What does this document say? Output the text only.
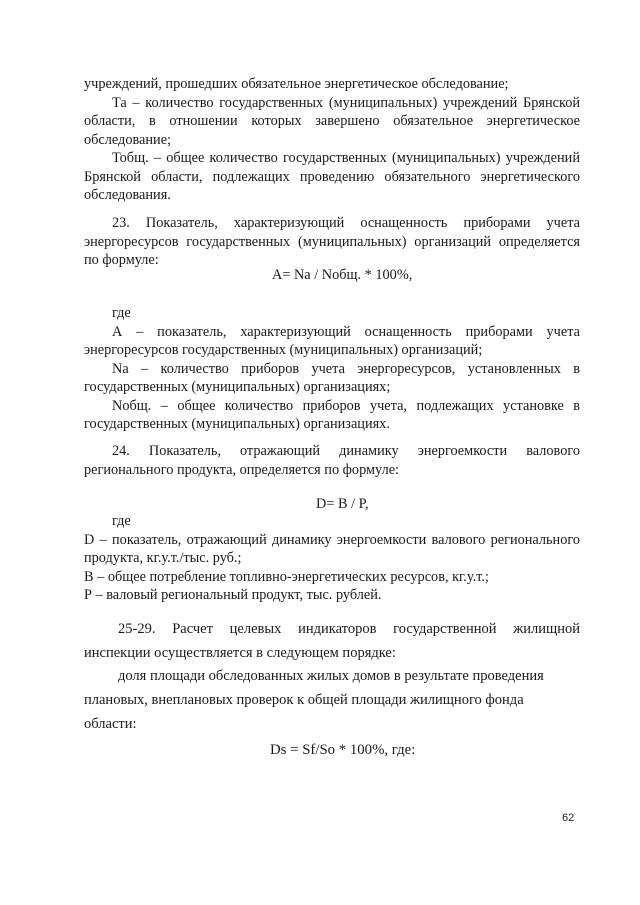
учреждений, прошедших обязательное энергетическое обследование;

Та – количество государственных (муниципальных) учреждений Брянской области, в отношении которых завершено обязательное энергетическое обследование;

Тобщ. – общее количество государственных (муниципальных) учреждений Брянской области, подлежащих проведению обязательного энергетического обследования.

23. Показатель, характеризующий оснащенность приборами учета энергоресурсов государственных (муниципальных) организаций определяется по формуле:

A= Na / Nобщ. * 100%,

где

А – показатель, характеризующий оснащенность приборами учета энергоресурсов государственных (муниципальных) организаций;

Na – количество приборов учета энергоресурсов, установленных в государственных (муниципальных) организациях;

Nобщ. – общее количество приборов учета, подлежащих установке в государственных (муниципальных) организациях.

24. Показатель, отражающий динамику энергоемкости валового регионального продукта, определяется по формуле:

D= B / P,

где

D – показатель, отражающий динамику энергоемкости валового регионального продукта, кг.у.т./тыс. руб.;

В – общее потребление топливно-энергетических ресурсов, кг.у.т.;

Р – валовый региональный продукт, тыс. рублей.

25-29. Расчет целевых индикаторов государственной жилищной инспекции осуществляется в следующем порядке:

доля площади обследованных жилых домов в результате проведения плановых, внеплановых проверок к общей площади жилищного фонда области:

Ds = Sf/So * 100%, где:
62
